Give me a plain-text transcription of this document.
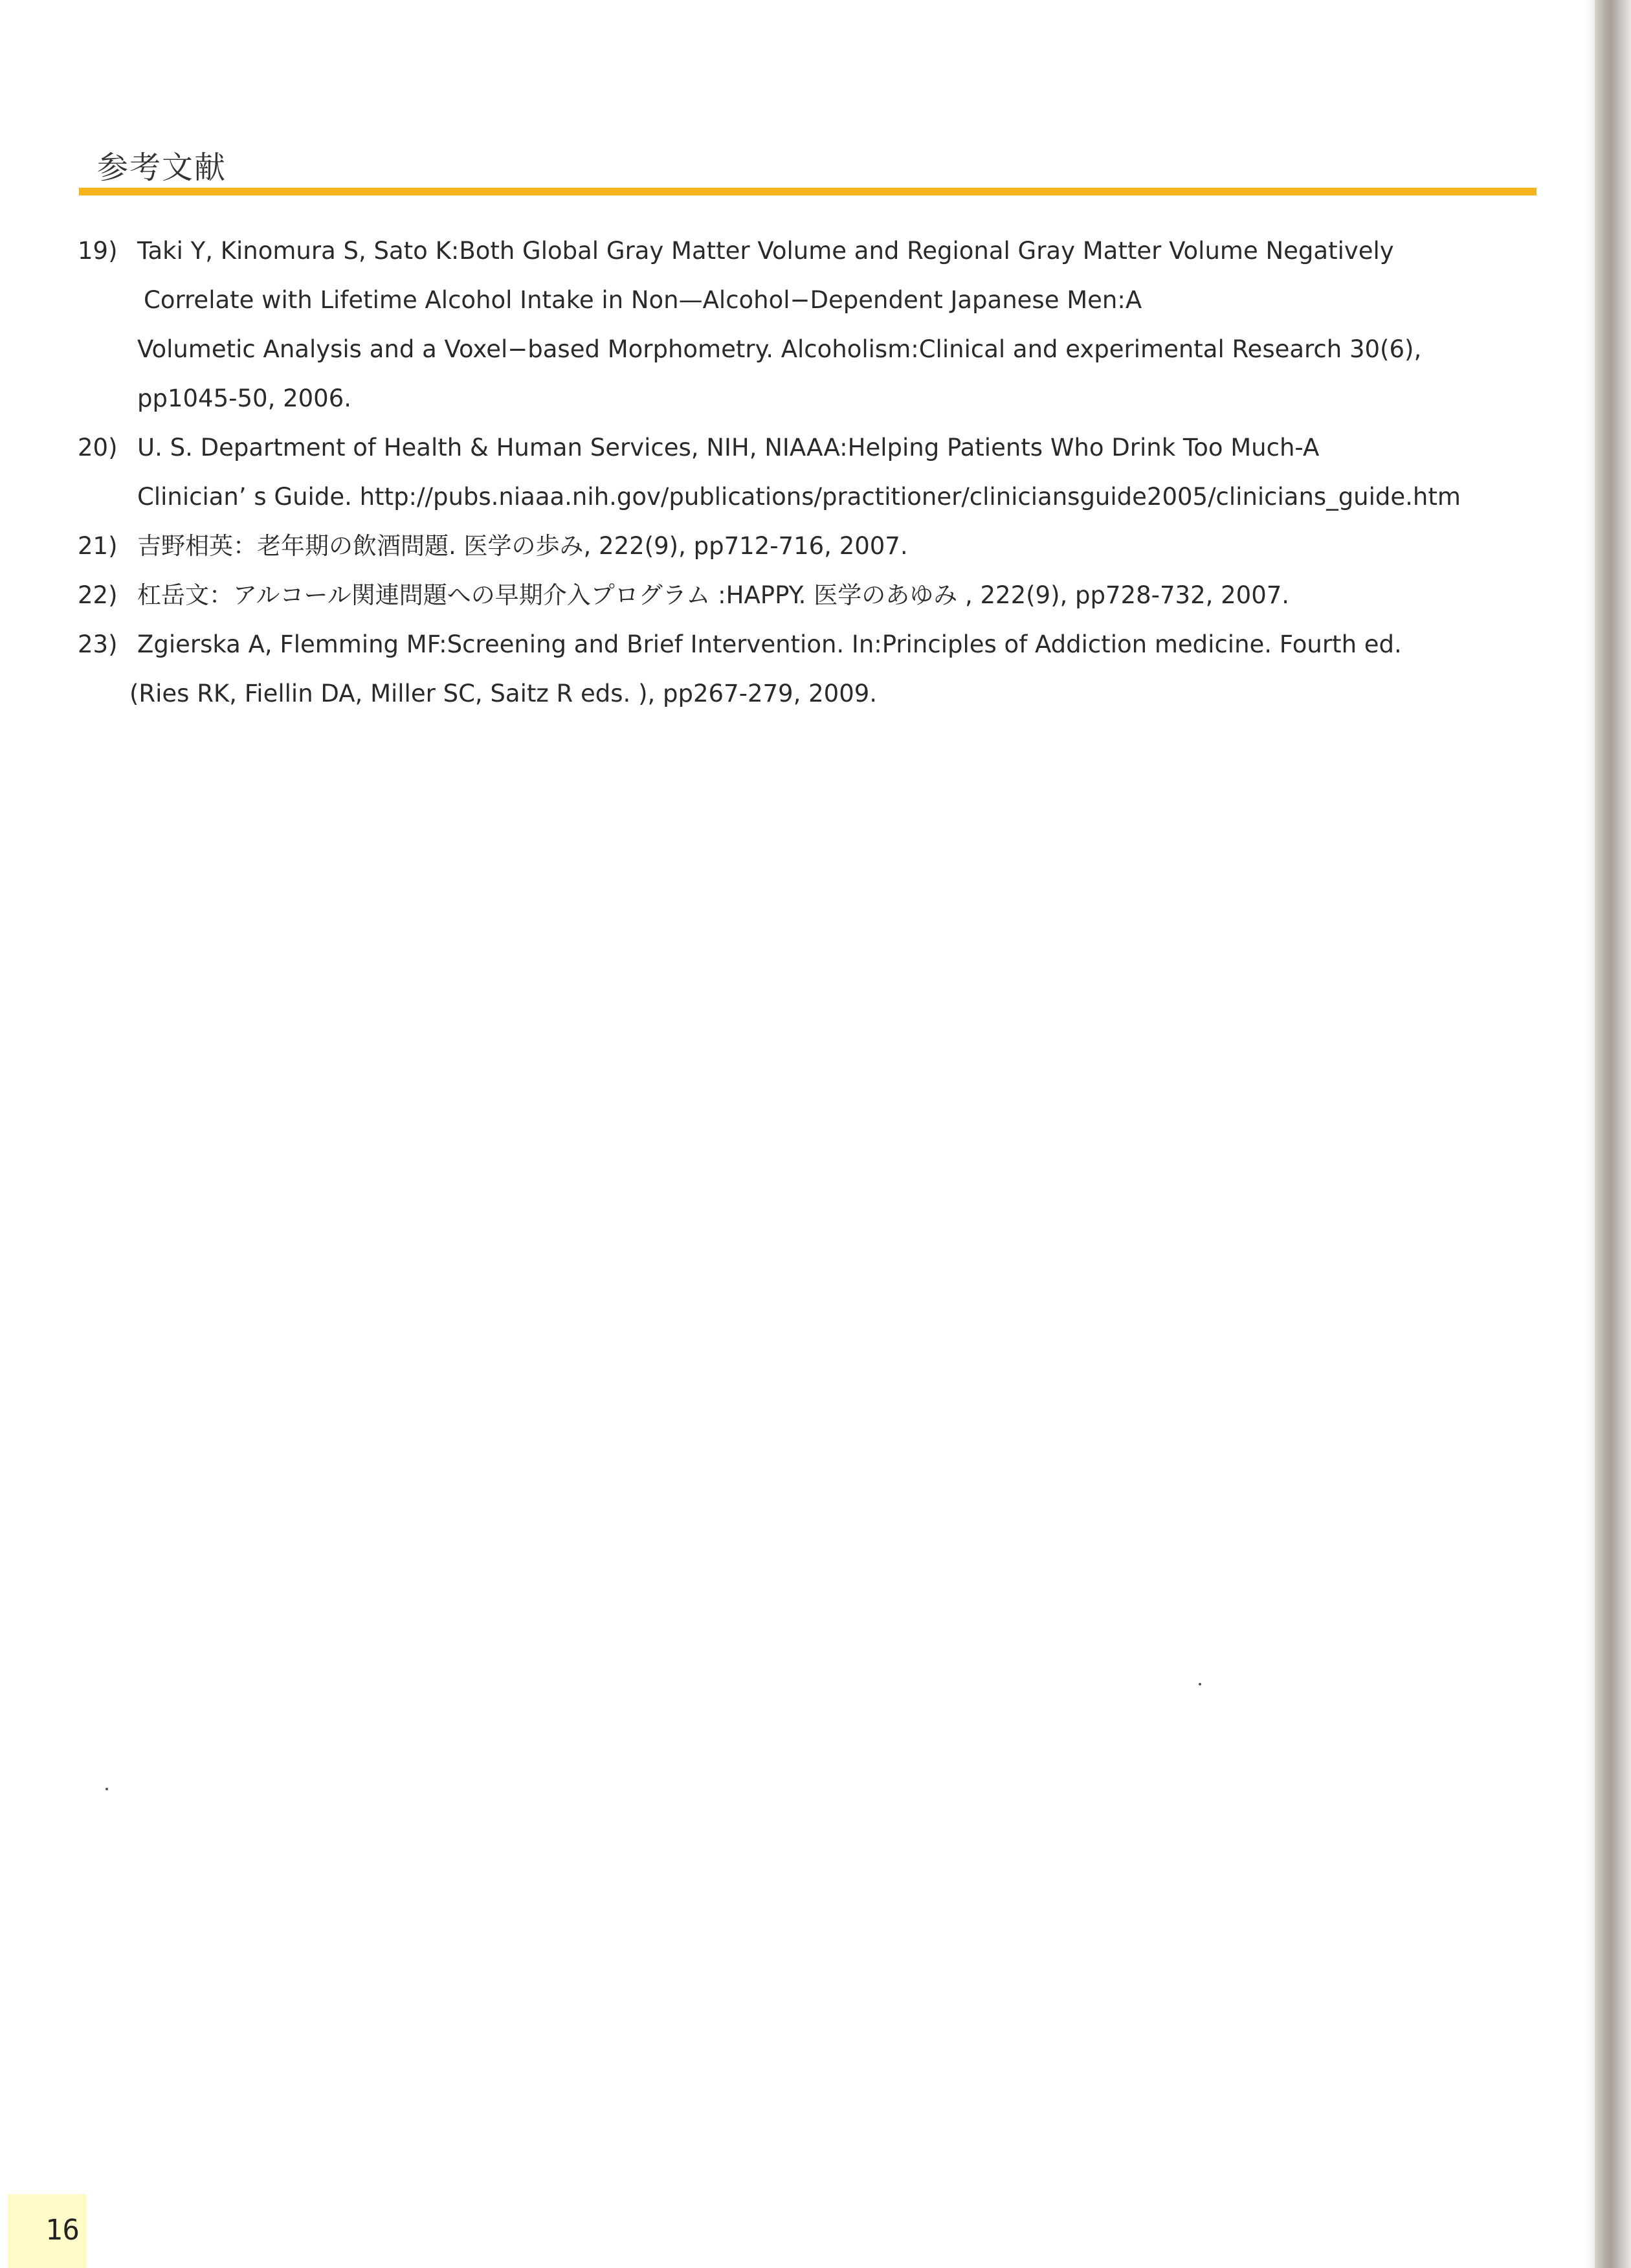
参考文献
19) Taki Y, Kinomura S, Sato K:Both Global Gray Matter Volume and Regional Gray Matter Volume Negatively
Correlate with Lifetime Alcohol Intake in Non—Alcohol−Dependent Japanese Men:A
Volumetic Analysis and a Voxel−based Morphometry. Alcoholism:Clinical and experimental Research 30(6),
pp1045-50, 2006.
20) U. S. Department of Health & Human Services, NIH, NIAAA:Helping Patients Who Drink Too Much-A
Clinician’ s Guide. http://pubs.niaaa.nih.gov/publications/practitioner/cliniciansguide2005/clinicians_guide.htm
21) 吉野相英：老年期の飲酒問題. 医学の歩み, 222(9), pp712-716, 2007.
22) 杠岳文：アルコール関連問題への早期介入プログラム :HAPPY. 医学のあゆみ , 222(9), pp728-732, 2007.
23) Zgierska A, Flemming MF:Screening and Brief Intervention. In:Principles of Addiction medicine. Fourth ed.
(Ries RK, Fiellin DA, Miller SC, Saitz R eds. ), pp267-279, 2009.
16
